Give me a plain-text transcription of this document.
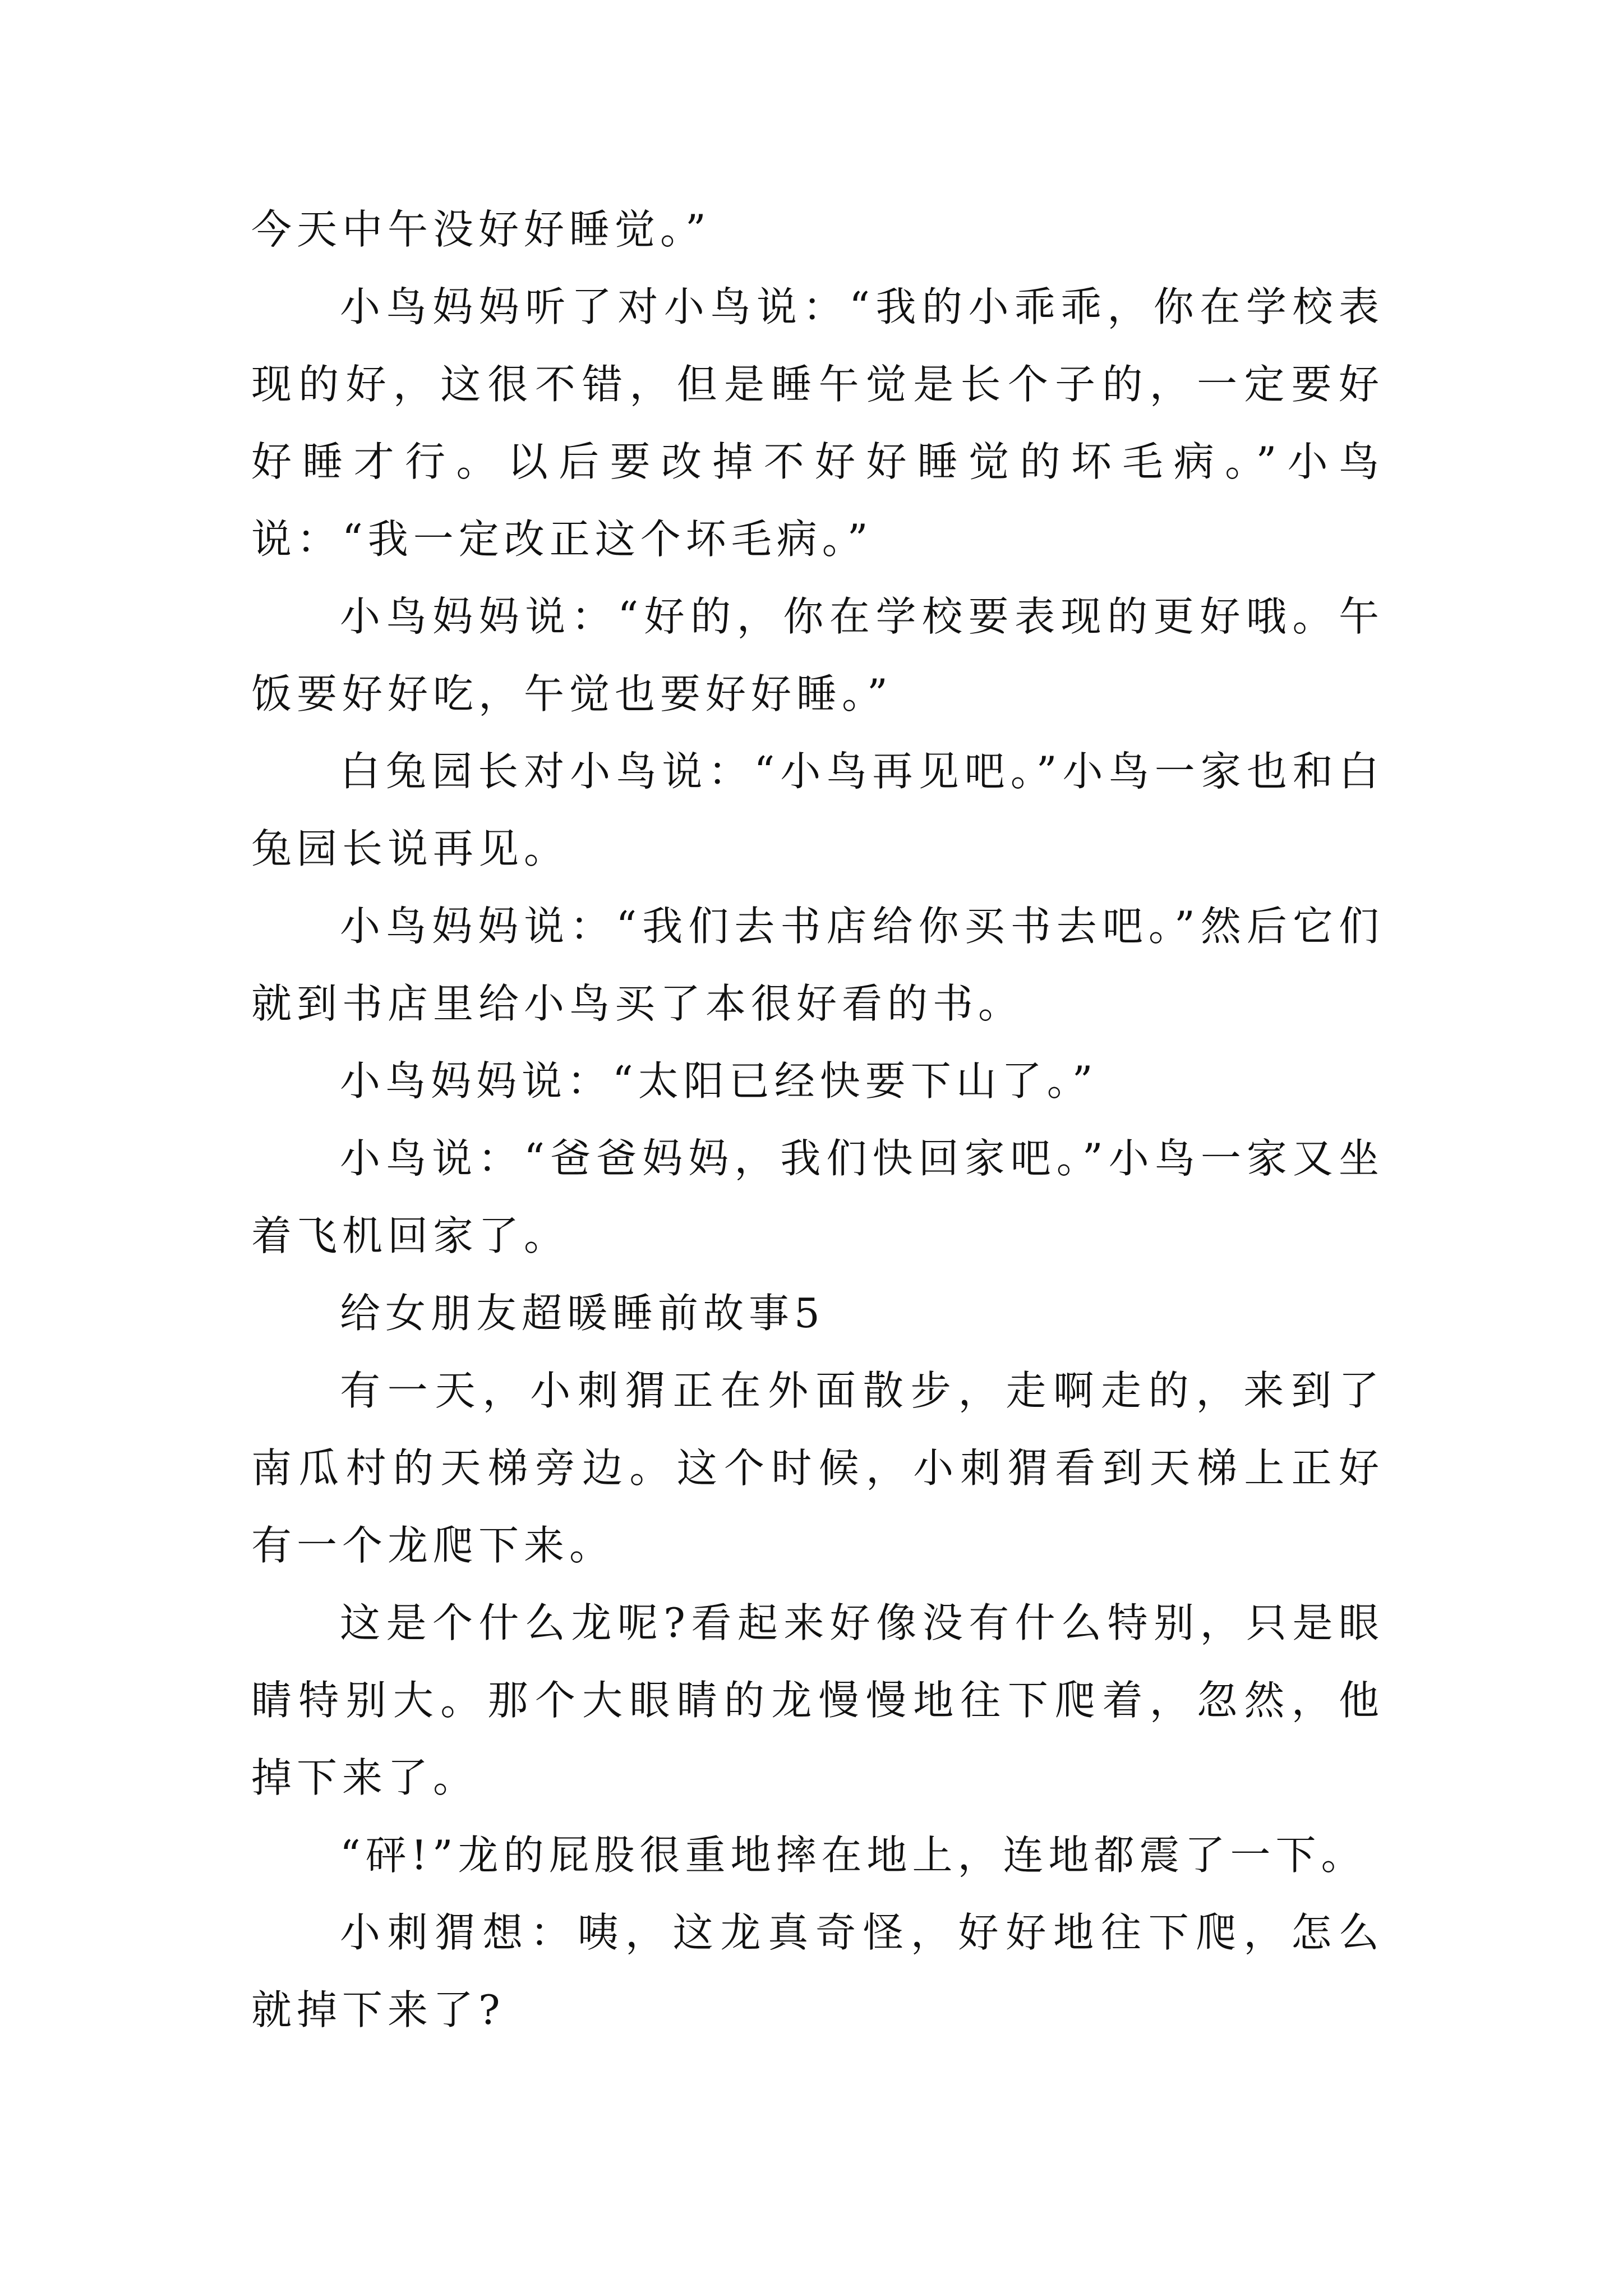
今天中午没好好睡觉。”

小鸟妈妈听了对小鸟说：“我的小乖乖，你在学校表现的好，这很不错，但是睡午觉是长个子的，一定要好好睡才行。以后要改掉不好好睡觉的坏毛病。”小鸟说：“我一定改正这个坏毛病。”

小鸟妈妈说：“好的，你在学校要表现的更好哦。午饭要好好吃，午觉也要好好睡。”

白兔园长对小鸟说：“小鸟再见吧。”小鸟一家也和白兔园长说再见。

小鸟妈妈说：“我们去书店给你买书去吧。”然后它们就到书店里给小鸟买了本很好看的书。

小鸟妈妈说：“太阳已经快要下山了。”

小鸟说：“爸爸妈妈，我们快回家吧。”小鸟一家又坐着飞机回家了。

给女朋友超暖睡前故事5

有一天，小刺猬正在外面散步，走啊走的，来到了南瓜村的天梯旁边。这个时候，小刺猬看到天梯上正好有一个龙爬下来。

这是个什么龙呢?看起来好像没有什么特别，只是眼睛特别大。那个大眼睛的龙慢慢地往下爬着，忽然，他掉下来了。

“砰!”龙的屁股很重地摔在地上，连地都震了一下。

小刺猬想：咦，这龙真奇怪，好好地往下爬，怎么就掉下来了?
